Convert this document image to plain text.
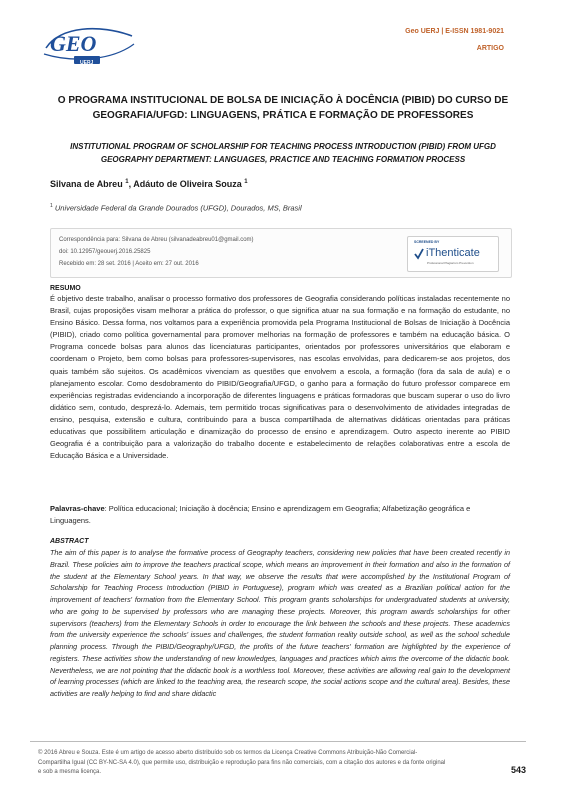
GEO
UERJ
Geo UERJ | E-ISSN 1981-9021
ARTIGO
O PROGRAMA INSTITUCIONAL DE BOLSA DE INICIAÇÃO À DOCÊNCIA (PIBID) DO CURSO DE GEOGRAFIA/UFGD: LINGUAGENS, PRÁTICA E FORMAÇÃO DE PROFESSORES
INSTITUTIONAL PROGRAM OF SCHOLARSHIP FOR TEACHING PROCESS INTRODUCTION (PIBID) FROM UFGD GEOGRAPHY DEPARTMENT: LANGUAGES, PRACTICE AND TEACHING FORMATION PROCESS
Silvana de Abreu $^1$, Adáuto de Oliveira Souza $^1$
$^1$ Universidade Federal da Grande Dourados (UFGD), Dourados, MS, Brasil
Correspondência para: Silvana de Abreu (silvanadeabreu01@gmail.com)
doi: 10.12957/geouerj.2016.25825
Recebido em: 28 set. 2016 | Aceito em: 27 out. 2016
SCREENED BY
iThenticate
Professional Plagiarism Prevention
RESUMO
É objetivo deste trabalho, analisar o processo formativo dos professores de Geografia considerando políticas instaladas recentemente no Brasil, cujas proposições visam melhorar a prática do professor, o que significa atuar na sua formação e na formação do estudante, no Ensino Básico. Dessa forma, nos voltamos para a experiência promovida pela Programa Institucional de Bolsas de Iniciação à Docência (PIBID), criado como política governamental para promover melhorias na formação de professores e também na educação básica. O Programa concede bolsas para alunos das licenciaturas participantes, orientados por professores universitários que elaboram e coordenam o Projeto, bem como bolsas para professores-supervisores, nas escolas envolvidas, para dedicarem-se aos projetos, dos quais também são sujeitos. Os acadêmicos vivenciam as questões que envolvem a escola, a formação (fora da sala de aula) e o planejamento escolar. Como desdobramento do PIBID/Geografia/UFGD, o ganho para a formação do futuro professor comparece em experiências registradas evidenciando a incorporação de diferentes linguagens e práticas formadoras que buscam superar o uso do livro didático sem, contudo, desprezá-lo. Ademais, tem permitido trocas significativas para o desenvolvimento de atividades integradas de ensino, pesquisa, extensão e cultura, contribuindo para a busca compartilhada de alternativas didáticas orientadas para práticas educativas que possibilitem articulação e dinamização do processo de ensino e aprendizagem. Outro aspecto inerente ao PIBID Geografia é a contribuição para a valorização do trabalho docente e estabelecimento de relações colaborativas entre a escola de Educação Básica e a Universidade.
Palavras-chave: Política educacional; Iniciação à docência; Ensino e aprendizagem em Geografia; Alfabetização geográfica e Linguagens.
ABSTRACT
The aim of this paper is to analyse the formative process of Geography teachers, considering new policies that have been created recently in Brazil. These policies aim to improve the teachers practical scope, which means an improvement in their formation and also in the formation of the student at the Elementary School years. In that way, we observe the results that were accomplished by the Institutional Program of Scholarship for Teaching Process Introduction (PIBID in Portuguese), program which was created as a Brazilian political action for the improvement of teachers' formation from the Elementary School. This program grants scholarships for undergraduated students at university, who are going to be supervised by professors who are managing these projects. Moreover, this program awards scholarships for other supervisors (teachers) from the Elementary Schools in order to encourage the link between the schools and these projects. These academics from the university experience the schools' issues and challenges, the student formation reality outside school, as well as the school schedule planning process. Through the PIBID/Geography/UFGD, the profits of the future teachers' formation are highlighted by the experience of registers. These activities show the understanding of new knowledges, languages and practices which aims the overcome of the didactic book. Nevertheless, we are not pointing that the didactic book is a worthless tool. Moreover, these activities are allowing real gain to the development of learning processes (which are linked to the teaching area, the research scope, the social actions scope and the cultural area). Besides, these activities are really helping to find and share didactic
© 2016 Abreu e Souza. Este é um artigo de acesso aberto distribuído sob os termos da Licença Creative Commons Atribuição-Não Comercial-Compartilha Igual (CC BY-NC-SA 4.0), que permite uso, distribuição e reprodução para fins não comerciais, com a citação dos autores e da fonte original e sob a mesma licença.	543
